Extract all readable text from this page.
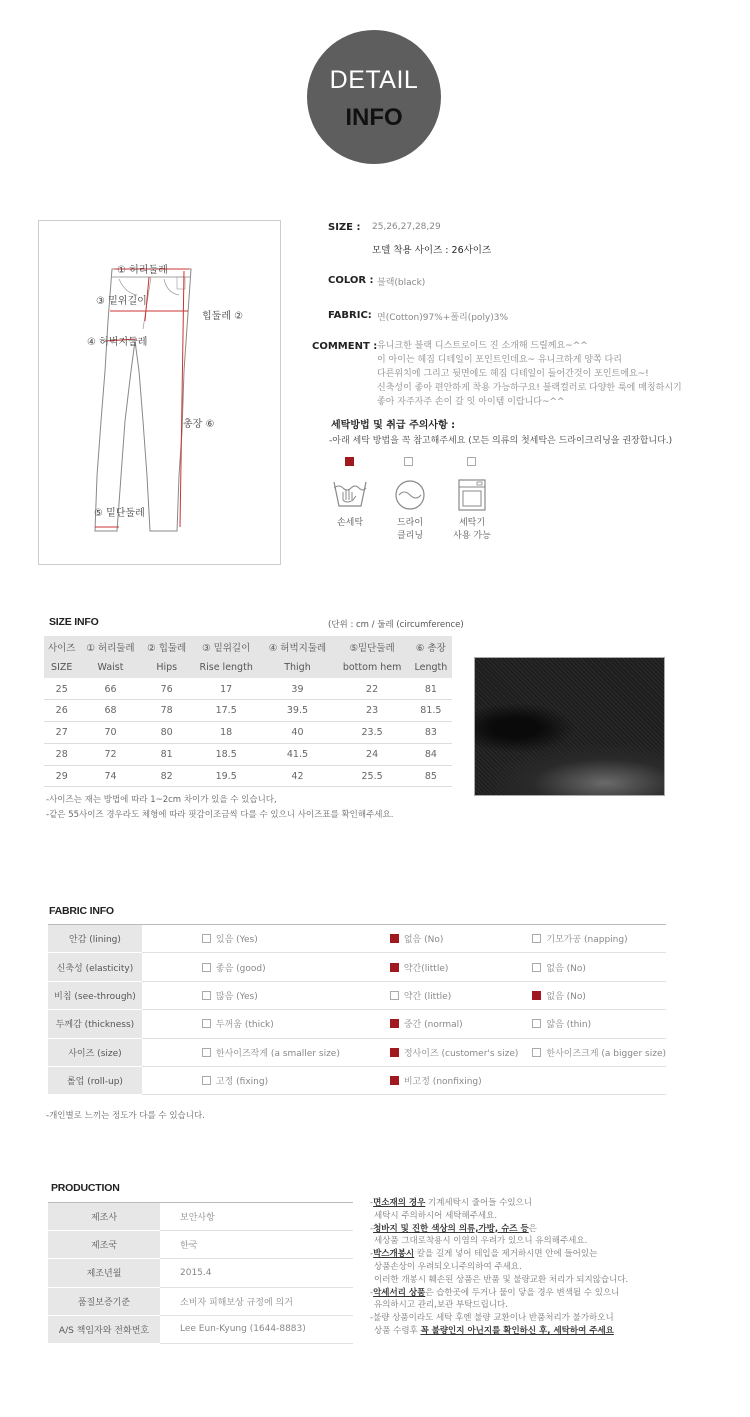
DETAIL
INFO
① 허리둘레
③ 밑위길이
힙둘레 ②
④ 허벅지둘레
총장 ⑥
⑤ 밑단둘레
SIZE : 25,26,27,28,29
모델 착용 사이즈 : 26사이즈
COLOR : 블랙(black)
FABRIC: 면(Cotton)97%+폴리(poly)3%
COMMENT : 유니크한 블랙 디스트로이드 진 소개해 드릴께요~^^
이 아이는 헤짐 디테일이 포인트인데요~ 유니크하게 양쪽 다리
다른위치에 그리고 뒷면에도 헤짐 디테일이 들어간것이 포인트에요~!
신축성이 좋아 편안하게 착용 가능하구요! 블랙컬러로 다양한 룩에 매칭하시기
좋아 자주자주 손이 갈 잇 아이템 이랍니다~^^
세탁방법 및 취급 주의사항 :
-아래 세탁 방법을 꼭 참고해주세요 (모든 의류의 첫세탁은 드라이크리닝을 권장합니다.)
손세탁	드라이
클리닝
세탁기
사용 가능
SIZE INFO	(단위 : cm / 둘레 (circumference)
사이즈	① 허리둘레	② 힙둘레	③ 밑위길이	④ 허벅지둘레	⑤밑단둘레	⑥ 총장
SIZE	Waist	Hips	Rise length	Thigh	bottom hem	Length
25	66	76	17	39	22	81
26	68	78	17.5	39.5	23	81.5
27	70	80	18	40	23.5	83
28	72	81	18.5	41.5	24	84
29	74	82	19.5	42	25.5	85
-사이즈는 재는 방법에 따라 1~2cm 차이가 있을 수 있습니다,
-같은 55사이즈 경우라도 체형에 따라 핏감이조금씩 다를 수 있으니 사이즈표를 확인해주세요.
FABRIC INFO
안감 (lining)	있음 (Yes)	없음 (No)	기모가공 (napping)
신축성 (elasticity)	좋음 (good)	약간(little)	없음 (No)
비침 (see-through)	많음 (Yes)	약간 (little)	없음 (No)
두께감 (thickness)	두꺼움 (thick)	중간 (normal)	얇음 (thin)
사이즈 (size)	한사이즈작게 (a smaller size)	정사이즈 (customer's size)	한사이즈크게 (a bigger size)
롤업 (roll-up)	고정 (fixing)	비고정 (nonfixing)	
-개인별로 느끼는 정도가 다를 수 있습니다.
PRODUCTION
제조사	보안사항
제조국	한국
제조년월	2015.4
품질보증기준	소비자 피해보상 규정에 의거
A/S 책임자와 전화번호	Lee Eun-Kyung (1644-8883)
-면소재의 경우 기계세탁시 줄어들 수있으니
세탁시 주의하시어 세탁해주세요.
-청바지 및 진한 색상의 의류,가방, 슈즈 등은
세상품 그대로착용시 이염의 우려가 있으니 유의해주세요.
-박스개봉시 칼을 길게 넣어 테입을 제거하시면 안에 들어있는
상품손상이 우려되오니주의하여 주세요.
이러한 개봉시 훼손된 상품은 반품 및 불량교환 처리가 되지않습니다.
-악세서리 상품은 습한곳에 두거나 물이 닿을 경우 변색될 수 있으니
유의하시고 관리,보관 부탁드립니다.
-불량 상품이라도 세탁 후엔 불량 교환이나 반품처리가 불가하오니
상품 수령후 꼭 불량인지 아닌지를 확인하신 후, 세탁하여 주세요
